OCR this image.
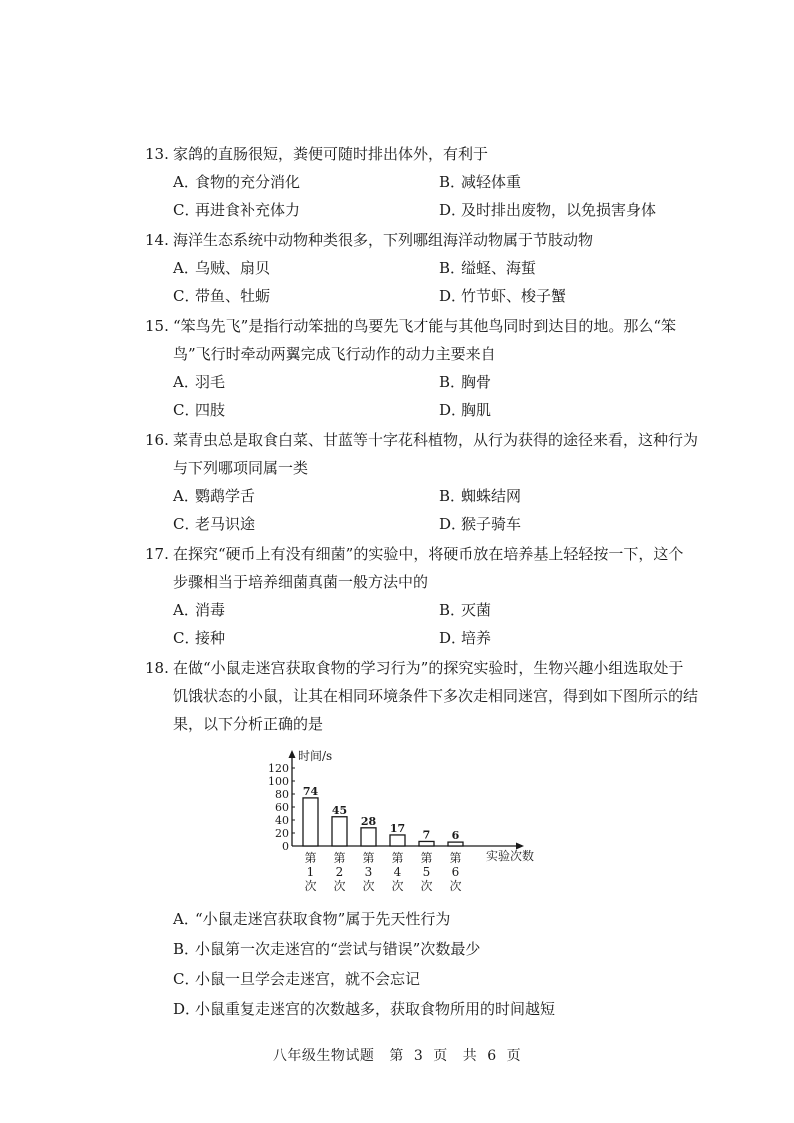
13. 家鸽的直肠很短，粪便可随时排出体外，有利于
A．食物的充分消化	B．减轻体重
C．再进食补充体力	D．及时排出废物，以免损害身体
14. 海洋生态系统中动物种类很多，下列哪组海洋动物属于节肢动物
A．乌贼、扇贝	B．缢蛏、海蜇
C．带鱼、牡蛎	D．竹节虾、梭子蟹
15. “笨鸟先飞”是指行动笨拙的鸟要先飞才能与其他鸟同时到达目的地。那么“笨
鸟”飞行时牵动两翼完成飞行动作的动力主要来自
A．羽毛	B．胸骨
C．四肢	D．胸肌
16. 菜青虫总是取食白菜、甘蓝等十字花科植物，从行为获得的途径来看，这种行为
与下列哪项同属一类
A．鹦鹉学舌	B．蜘蛛结网
C．老马识途	D．猴子骑车
17. 在探究“硬币上有没有细菌”的实验中，将硬币放在培养基上轻轻按一下，这个
步骤相当于培养细菌真菌一般方法中的
A．消毒	B．灭菌
C．接种	D．培养
18. 在做“小鼠走迷宫获取食物的学习行为”的探究实验时，生物兴趣小组选取处于
饥饿状态的小鼠，让其在相同环境条件下多次走相同迷宫，得到如下图所示的结
果，以下分析正确的是
时间/s
实验次数
0
20
40
60
80
100
120
74
45
28
17 7 6
第
1
次
第
2
次
第
3
次
第
4
次
第
5
次
第
6
次
A．“小鼠走迷宫获取食物”属于先天性行为
B．小鼠第一次走迷宫的“尝试与错误”次数最少
C．小鼠一旦学会走迷宫，就不会忘记
D．小鼠重复走迷宫的次数越多，获取食物所用的时间越短
八年级生物试题 第 3 页 共 6 页
